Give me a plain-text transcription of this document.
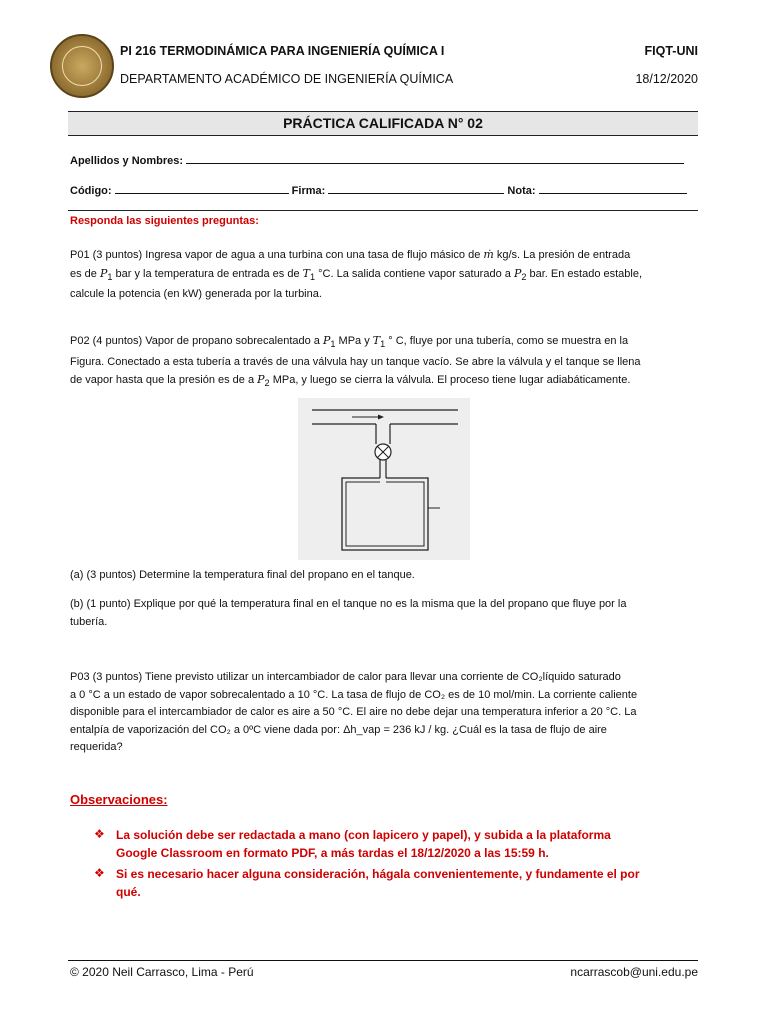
PI 216 TERMODINÁMICA PARA INGENIERÍA QUÍMICA I	FIQT-UNI
DEPARTAMENTO ACADÉMICO DE INGENIERÍA QUÍMICA	18/12/2020
PRÁCTICA CALIFICADA N° 02
Apellidos y Nombres:
Código:	Firma:	Nota:
Responda las siguientes preguntas:
P01 (3 puntos) Ingresa vapor de agua a una turbina con una tasa de flujo másico de ṁ kg/s. La presión de entrada
es de $P_1$ bar y la temperatura de entrada es de $T_1$ °C. La salida contiene vapor saturado a $P_2$ bar. En estado estable,
calcule la potencia (en kW) generada por la turbina.
P02 (4 puntos) Vapor de propano sobrecalentado a $P_1$ MPa y $T_1$ ° C, fluye por una tubería, como se muestra en la
Figura. Conectado a esta tubería a través de una válvula hay un tanque vacío. Se abre la válvula y el tanque se llena
de vapor hasta que la presión es de a $P_2$ MPa, y luego se cierra la válvula. El proceso tiene lugar adiabáticamente.
(a) (3 puntos) Determine la temperatura final del propano en el tanque.
(b) (1 punto) Explique por qué la temperatura final en el tanque no es la misma que la del propano que fluye por la
tubería.
P03 (3 puntos) Tiene previsto utilizar un intercambiador de calor para llevar una corriente de CO₂líquido saturado
a 0 °C a un estado de vapor sobrecalentado a 10 °C. La tasa de flujo de CO₂ es de 10 mol/min. La corriente caliente
disponible para el intercambiador de calor es aire a 50 °C. El aire no debe dejar una temperatura inferior a 20 °C. La
entalpía de vaporización del CO₂ a 0ºC viene dada por: Δh_vap = 236 kJ / kg. ¿Cuál es la tasa de flujo de aire
requerida?
Observaciones:
❖ La solución debe ser redactada a mano (con lapicero y papel), y subida a la plataforma
Google Classroom en formato PDF, a más tardas el 18/12/2020 a las 15:59 h.
❖ Si es necesario hacer alguna consideración, hágala convenientemente, y fundamente el por
qué.
© 2020 Neil Carrasco, Lima - Perú	ncarrascob@uni.edu.pe
